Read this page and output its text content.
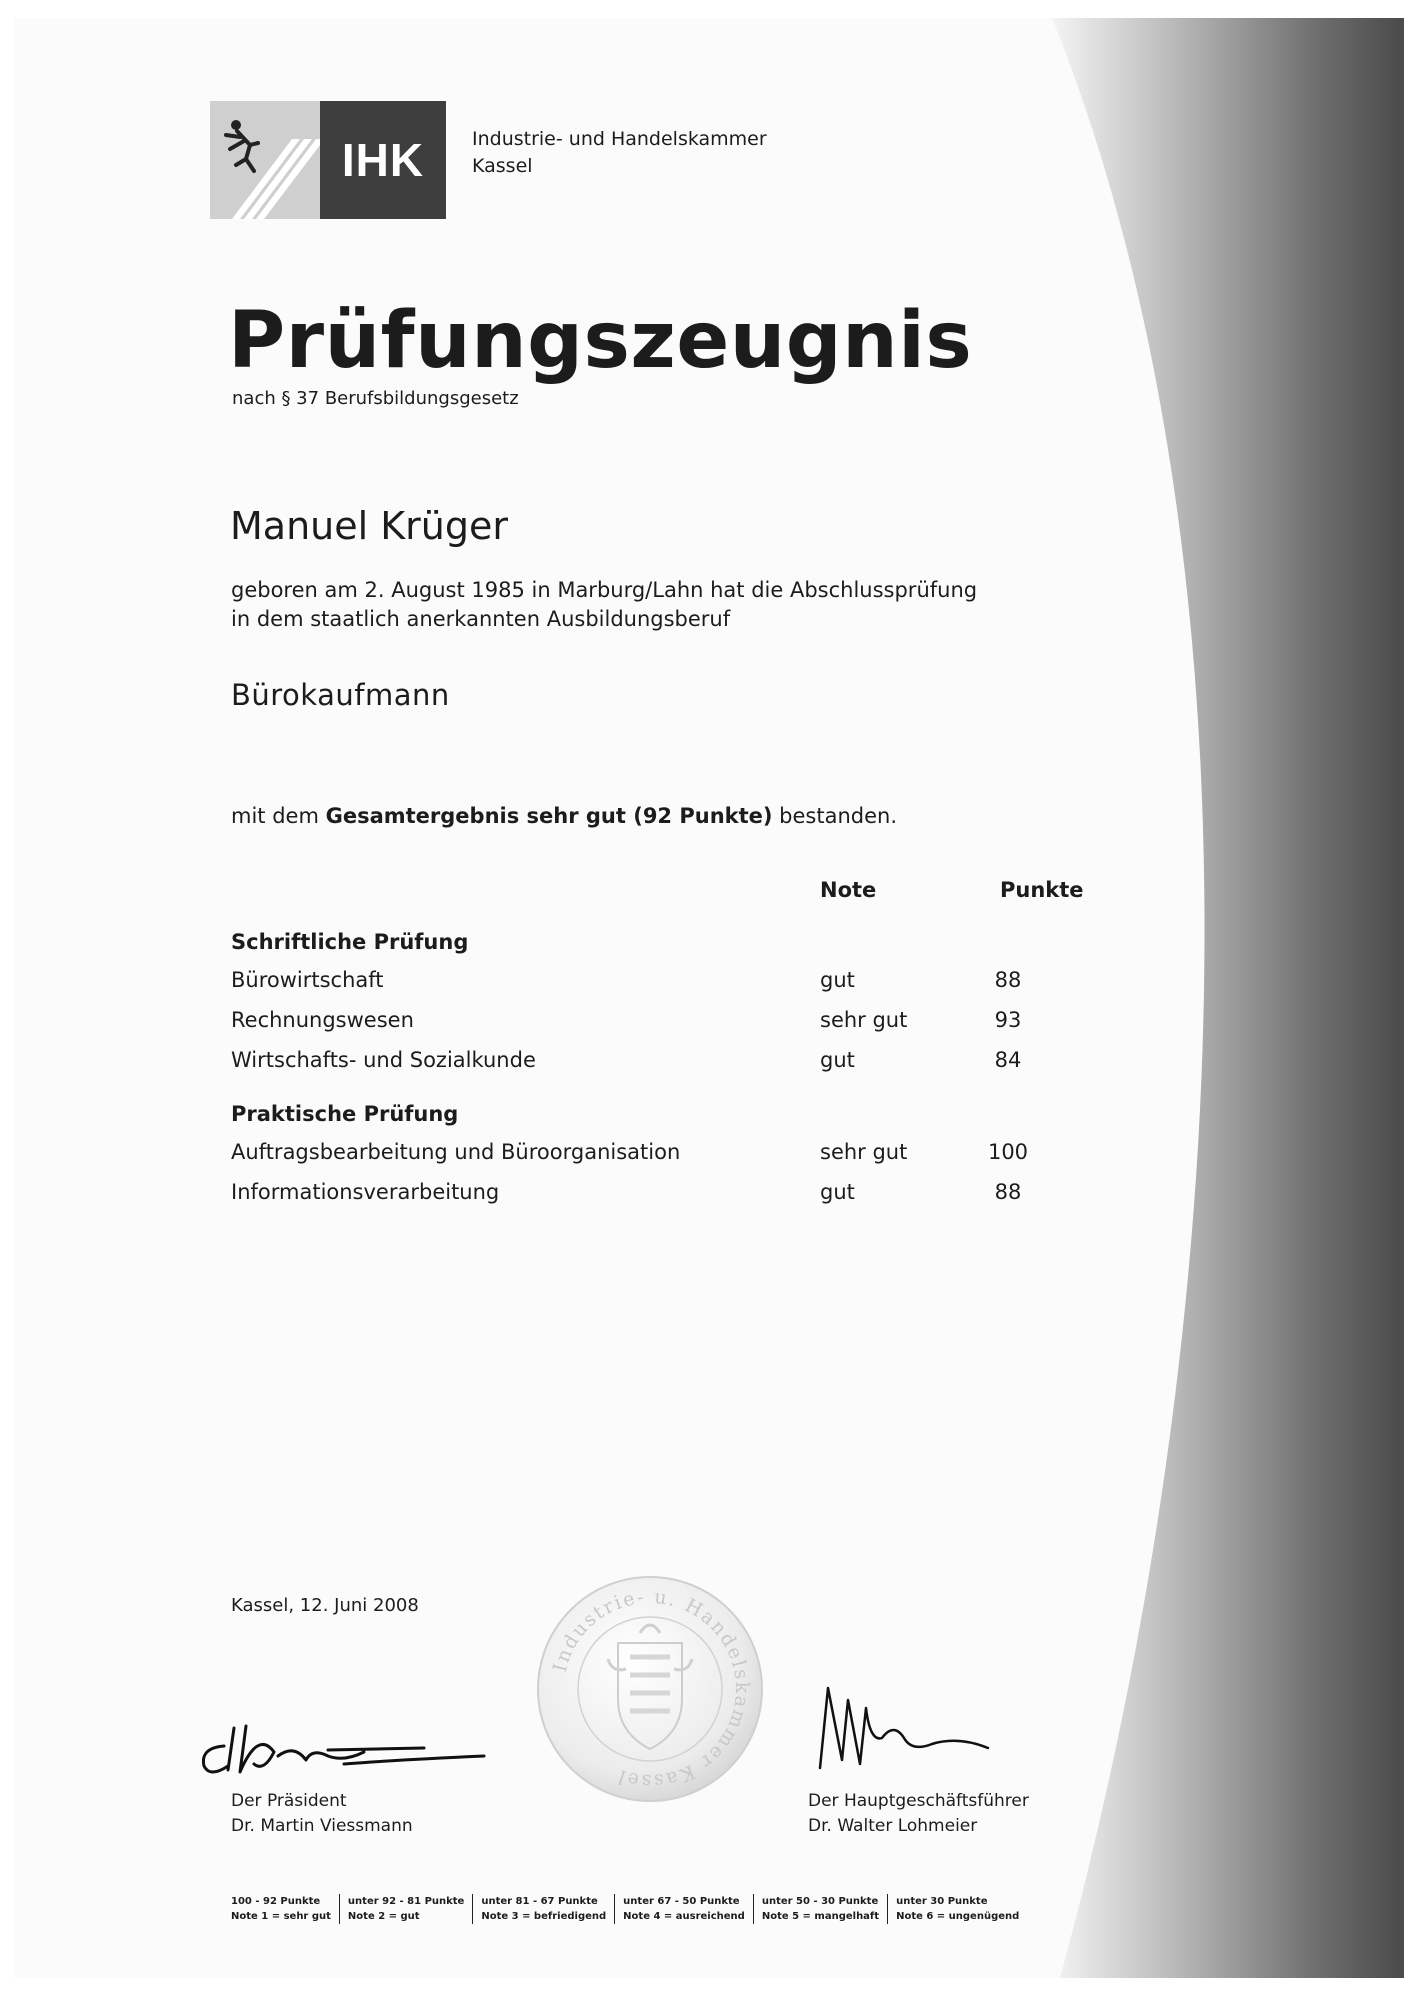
IHK	Industrie- und Handelskammer
Kassel
Prüfungszeugnis
nach § 37 Berufsbildungsgesetz
Manuel Krüger
geboren am 2. August 1985 in Marburg/Lahn hat die Abschlussprüfung
in dem staatlich anerkannten Ausbildungsberuf
Bürokaufmann
mit dem Gesamtergebnis sehr gut (92 Punkte) bestanden.
Note	Punkte
Schriftliche Prüfung
Bürowirtschaft	gut	88
Rechnungswesen	sehr gut	93
Wirtschafts- und Sozialkunde	gut	84
Praktische Prüfung
Auftragsbearbeitung und Büroorganisation	sehr gut	100
Informationsverarbeitung	gut	88
Kassel, 12. Juni 2008
Industrie- u. Handelskammer Kassel
Der Präsident
Dr. Martin Viessmann
Der Hauptgeschäftsführer
Dr. Walter Lohmeier
100 - 92 Punkte
Note 1 = sehr gut
unter 92 - 81 Punkte
Note 2 = gut
unter 81 - 67 Punkte
Note 3 = befriedigend
unter 67 - 50 Punkte
Note 4 = ausreichend
unter 50 - 30 Punkte
Note 5 = mangelhaft
unter 30 Punkte
Note 6 = ungenügend
